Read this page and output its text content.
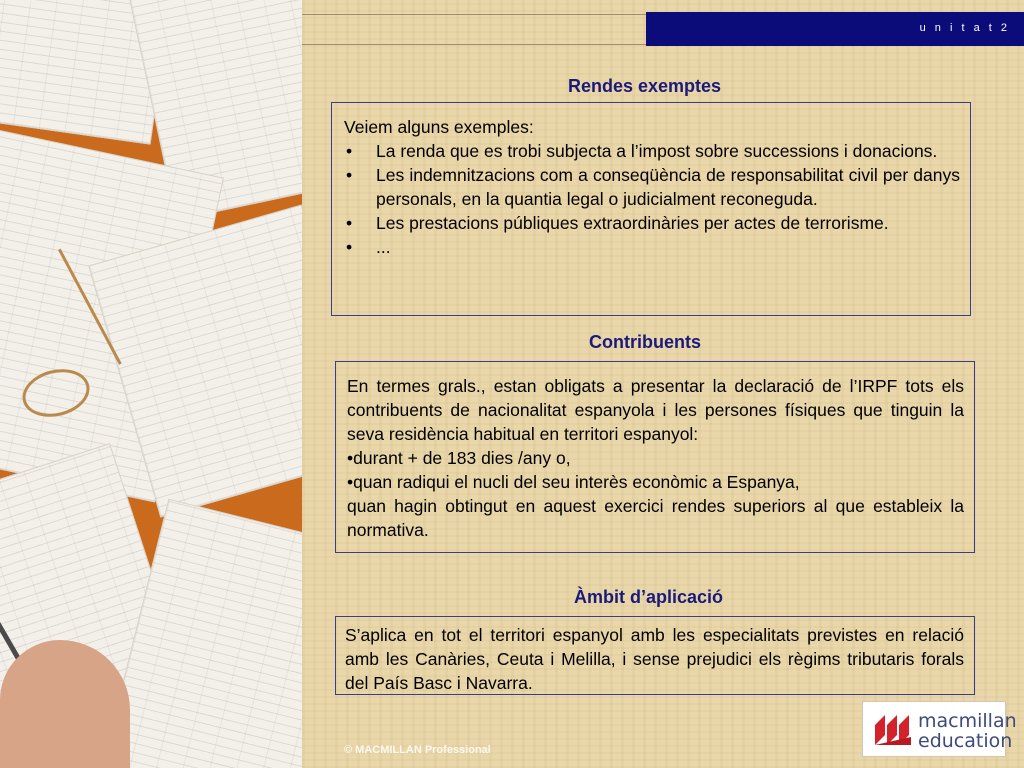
u n i t a t 2
Rendes exemptes

Veiem alguns exemples:

• La renda que es trobi subjecta a l’impost sobre successions i donacions.
• Les indemnitzacions com a conseqüència de responsabilitat civil per danys personals, en la quantia legal o judicialment reconeguda.
• Les prestacions públiques extraordinàries per actes de terrorisme.
• ...
Contribuents

En termes grals., estan obligats a presentar la declaració de l’IRPF tots els contribuents de nacionalitat espanyola i les persones físiques que tinguin la seva residència habitual en territori espanyol:

•durant + de 183 dies /any o,

•quan radiqui el nucli del seu interès econòmic a Espanya,

quan hagin obtingut en aquest exercici rendes superiors al que estableix la normativa.

Àmbit d’aplicació

S’aplica en tot el territori espanyol amb les especialitats previstes en relació amb les Canàries, Ceuta i Melilla, i sense prejudici els règims tributaris forals del País Basc i Navarra.

© MACMILLAN Professional
macmillan
education
